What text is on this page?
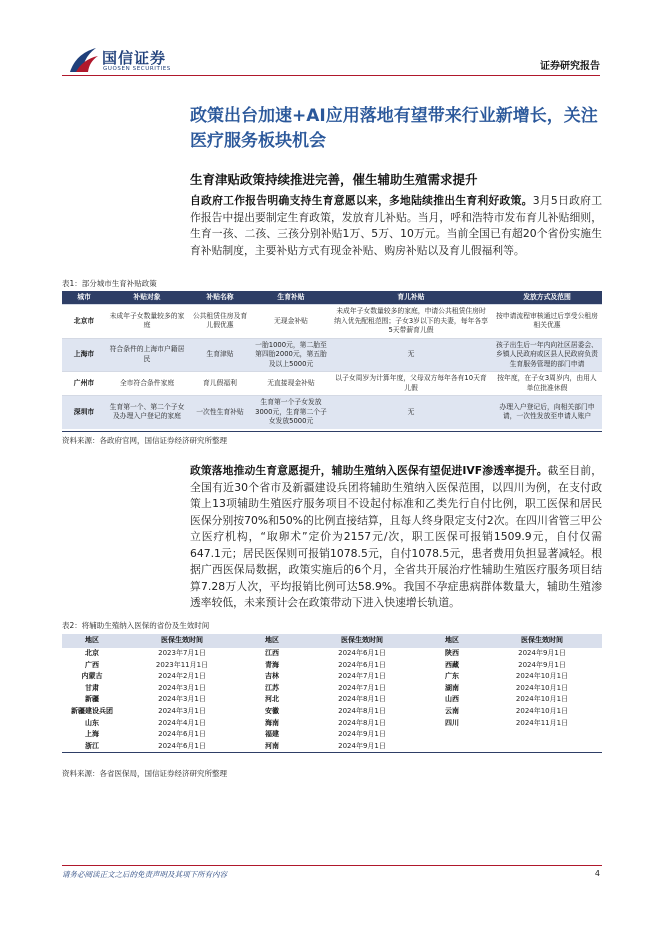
国信证券
GUOSEN SECURITIES	证券研究报告
政策出台加速+AI应用落地有望带来行业新增长，关注医疗服务板块机会
生育津贴政策持续推进完善，催生辅助生殖需求提升
自政府工作报告明确支持生育意愿以来，多地陆续推出生育利好政策。3月5日政府工作报告中提出要制定生育政策，发放育儿补贴。当月，呼和浩特市发布育儿补贴细则，生育一孩、二孩、三孩分别补贴1万、5万、10万元。当前全国已有超20个省份实施生育补贴制度，主要补贴方式有现金补贴、购房补贴以及育儿假福利等。
表1：部分城市生育补贴政策
城市	补贴对象	补贴名称	生育补贴	育儿补贴	发放方式及范围
北京市	未成年子女数量较多的家庭	公共租赁住房及育儿假优惠	无现金补贴	未成年子女数量较多的家庭，申请公共租赁住房时纳入优先配租范围；子女3岁以下的夫妻，每年各享5天带薪育儿假	按申请流程审核通过后享受公租房相关优惠
上海市	符合条件的上海市户籍居民	生育津贴	一胎1000元，第二胎至第四胎2000元，第五胎及以上5000元	无	孩子出生后一年内向社区居委会、乡镇人民政府或区县人民政府负责生育服务管理的部门申请
广州市	全市符合条件家庭	育儿假福利	无直接现金补贴	以子女周岁为计算年度，父母双方每年各有10天育儿假	按年度，在子女3周岁内，由用人单位批准休假
深圳市	生育第一个、第二个子女及办理入户登记的家庭	一次性生育补贴	生育第一个子女发放3000元，生育第二个子女发放5000元	无	办理入户登记后，向相关部门申请，一次性发放至申请人账户
资料来源：各政府官网，国信证券经济研究所整理
政策落地推动生育意愿提升，辅助生殖纳入医保有望促进IVF渗透率提升。截至目前，全国有近30个省市及新疆建设兵团将辅助生殖纳入医保范围，以四川为例，在支付政策上13项辅助生殖医疗服务项目不设起付标准和乙类先行自付比例，职工医保和居民医保分别按70%和50%的比例直接结算，且每人终身限定支付2次。在四川省管三甲公立医疗机构，“取卵术”定价为2157元/次，职工医保可报销1509.9元，自付仅需647.1元；居民医保则可报销1078.5元，自付1078.5元，患者费用负担显著减轻。根据广西医保局数据，政策实施后的6个月，全省共开展治疗性辅助生殖医疗服务项目结算7.28万人次，平均报销比例可达58.9%。我国不孕症患病群体数量大，辅助生殖渗透率较低，未来预计会在政策带动下进入快速增长轨道。
表2：将辅助生殖纳入医保的省份及生效时间
地区	医保生效时间	地区	医保生效时间	地区	医保生效时间
北京	2023年7月1日	江西	2024年6月1日	陕西	2024年9月1日
广西	2023年11月1日	青海	2024年6月1日	西藏	2024年9月1日
内蒙古	2024年2月1日	吉林	2024年7月1日	广东	2024年10月1日
甘肃	2024年3月1日	江苏	2024年7月1日	湖南	2024年10月1日
新疆	2024年3月1日	河北	2024年8月1日	山西	2024年10月1日
新疆建设兵团	2024年3月1日	安徽	2024年8月1日	云南	2024年10月1日
山东	2024年4月1日	海南	2024年8月1日	四川	2024年11月1日
上海	2024年6月1日	福建	2024年9月1日		
浙江	2024年6月1日	河南	2024年9月1日		
资料来源：各省医保局，国信证券经济研究所整理
请务必阅读正文之后的免责声明及其项下所有内容	4
